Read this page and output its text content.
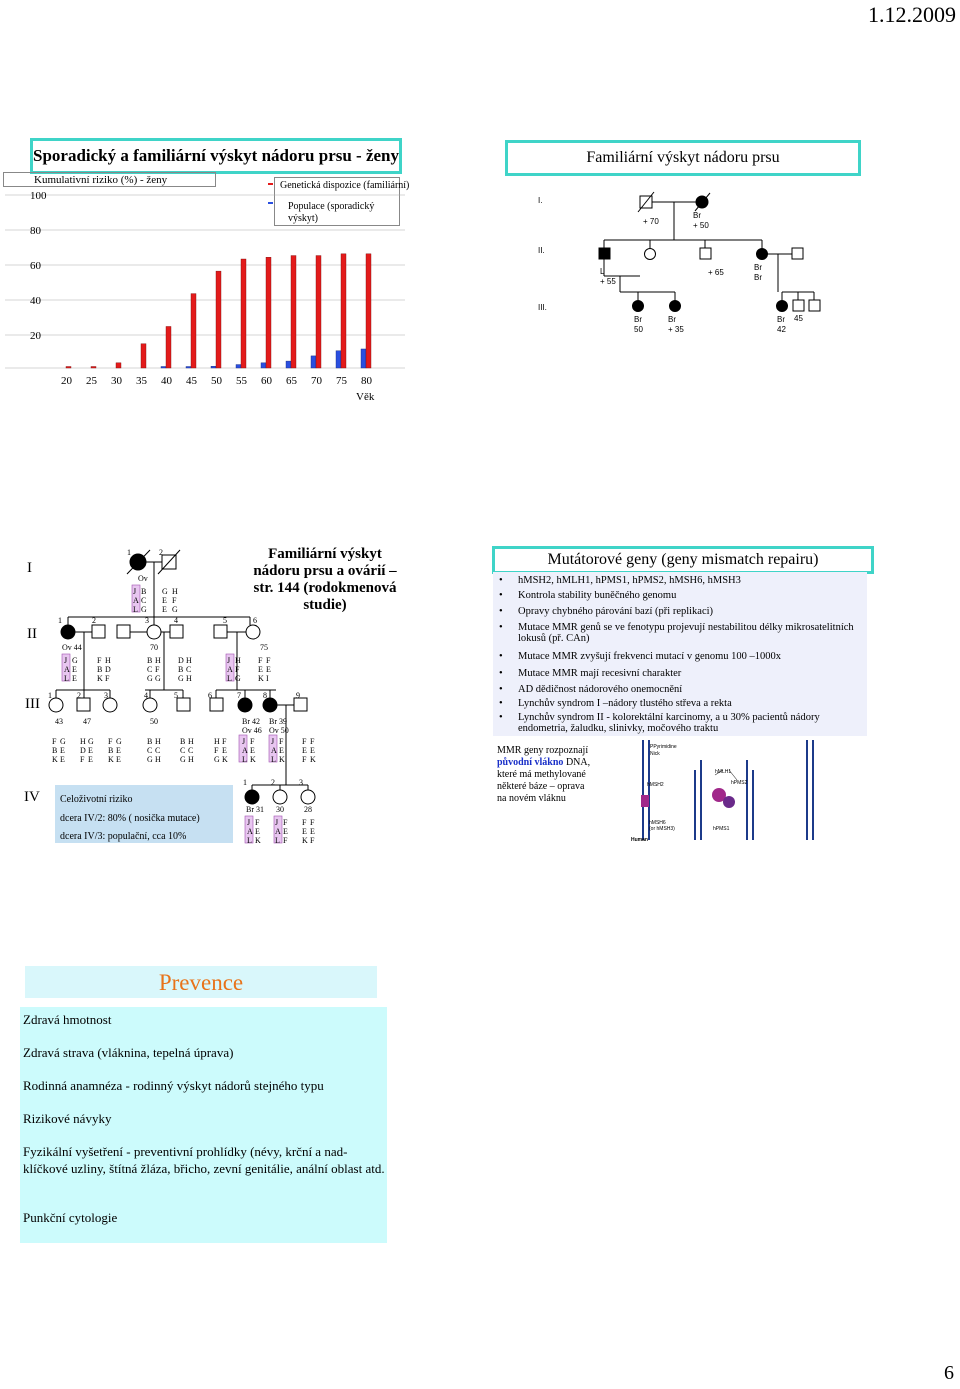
1.12.2009
6
Sporadický a familiární výskyt nádoru prsu - ženy
Kumulativní riziko (%) - ženy	Genetická dispozice (familiární)
Populace (sporadický výskyt)
20
40
60
80
100
20 25 30 35 40 45 50 55 60 65 70 75 80
Věk
Familiární výskyt nádoru prsu
I.
II.
III.
+ 70
Br
+ 50
L
+ 55
+ 65
Br
Br
Br
50
Br
+ 35
Br
42
45
I
II
III
IV
Familiární výskyt nádoru prsu a ovárií – str. 144 (rodokmenová studie)
Ov
G H
E F
E G
J B
A C
L G
1	2	3	4	5	6
Ov 44
J G
A E
L E
F H
B D
K F
70
B H
C F
G G
D H
B C
G H
J H
A F
L G
75
F F
E E
K I
1	2	3	4	5	6	7	8	9
43	47	50	Br 42 Br 39
Ov 46 Ov 50
F G
B E
K E
H G
D E
F E
F G
B E
K E
B H
C C
G H
B H
C C
G H
H F
F E
G K
J F
A E
L K
J F
A E
L K
F F
E E
F K
1	2	3
Br 31 30	28
J F
A E
L K
J F
A E
L F
F F
E E
K F
1	2
Celoživotní riziko
dcera IV/2: 80% ( nosička mutace)
dcera IV/3: populační, cca 10%
Mutátorové geny (geny mismatch repairu)
• hMSH2, hMLH1, hPMS1, hPMS2, hMSH6, hMSH3
• Kontrola stability buněčného genomu
• Opravy chybného párování bazí (při replikaci)
• Mutace MMR genů se ve fenotypu projevují nestabilitou délky mikrosatelitních lokusů (př. CAn)
• Mutace MMR zvyšují frekvenci mutací v genomu 100 –1000x
• Mutace MMR mají recesivní charakter
• AD dědičnost nádorového onemocnění
• Lynchův syndrom I –nádory tlustého střeva a rekta
• Lynchův syndrom II - kolorektální karcinomy, a u 30% pacientů nádory endometria, žaludku, slinivky, močového traktu
MMR geny rozpoznají původní vlákno DNA, které má methylované některé báze – oprava na novém vláknu
PPyrimidine
Nick
hMSH2
hMLH1
hPMS2
hMSH6
(or hMSH3)	hPMS1
Human
Prevence
Zdravá hmotnost
Zdravá strava (vláknina, tepelná úprava)
Rodinná anamnéza - rodinný výskyt nádorů stejného typu
Rizikové návyky
Fyzikální vyšetření - preventivní prohlídky (névy, krční a nad-klíčkové uzliny, štítná žláza, břicho, zevní genitálie, anální oblast atd.
Punkční cytologie
